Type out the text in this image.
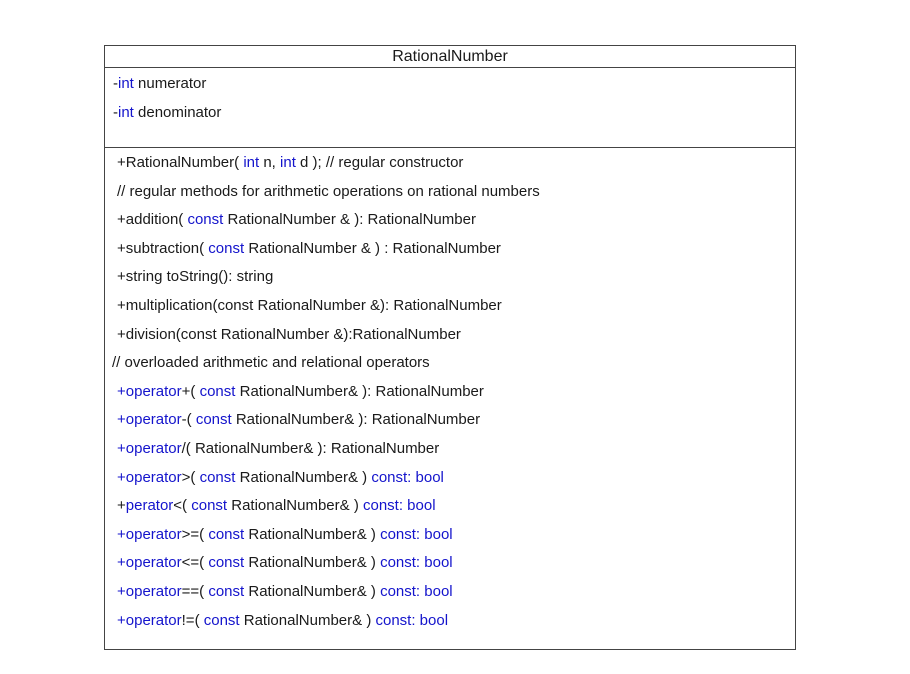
RationalNumber
-int numerator
-int denominator
+RationalNumber( int n, int d ); // regular constructor
// regular methods for arithmetic operations on rational numbers
+addition( const RationalNumber & ): RationalNumber
+subtraction( const RationalNumber & ) : RationalNumber
+string toString(): string
+multiplication(const RationalNumber &): RationalNumber
+division(const RationalNumber &):RationalNumber
// overloaded arithmetic and relational operators
+operator+( const RationalNumber& ): RationalNumber
+operator-( const RationalNumber& ): RationalNumber
+operator/( RationalNumber& ): RationalNumber
+operator>( const RationalNumber& ) const: bool
+perator<( const RationalNumber& ) const: bool
+operator>=( const RationalNumber& ) const: bool
+operator<=( const RationalNumber& ) const: bool
+operator==( const RationalNumber& ) const: bool
+operator!=( const RationalNumber& ) const: bool
